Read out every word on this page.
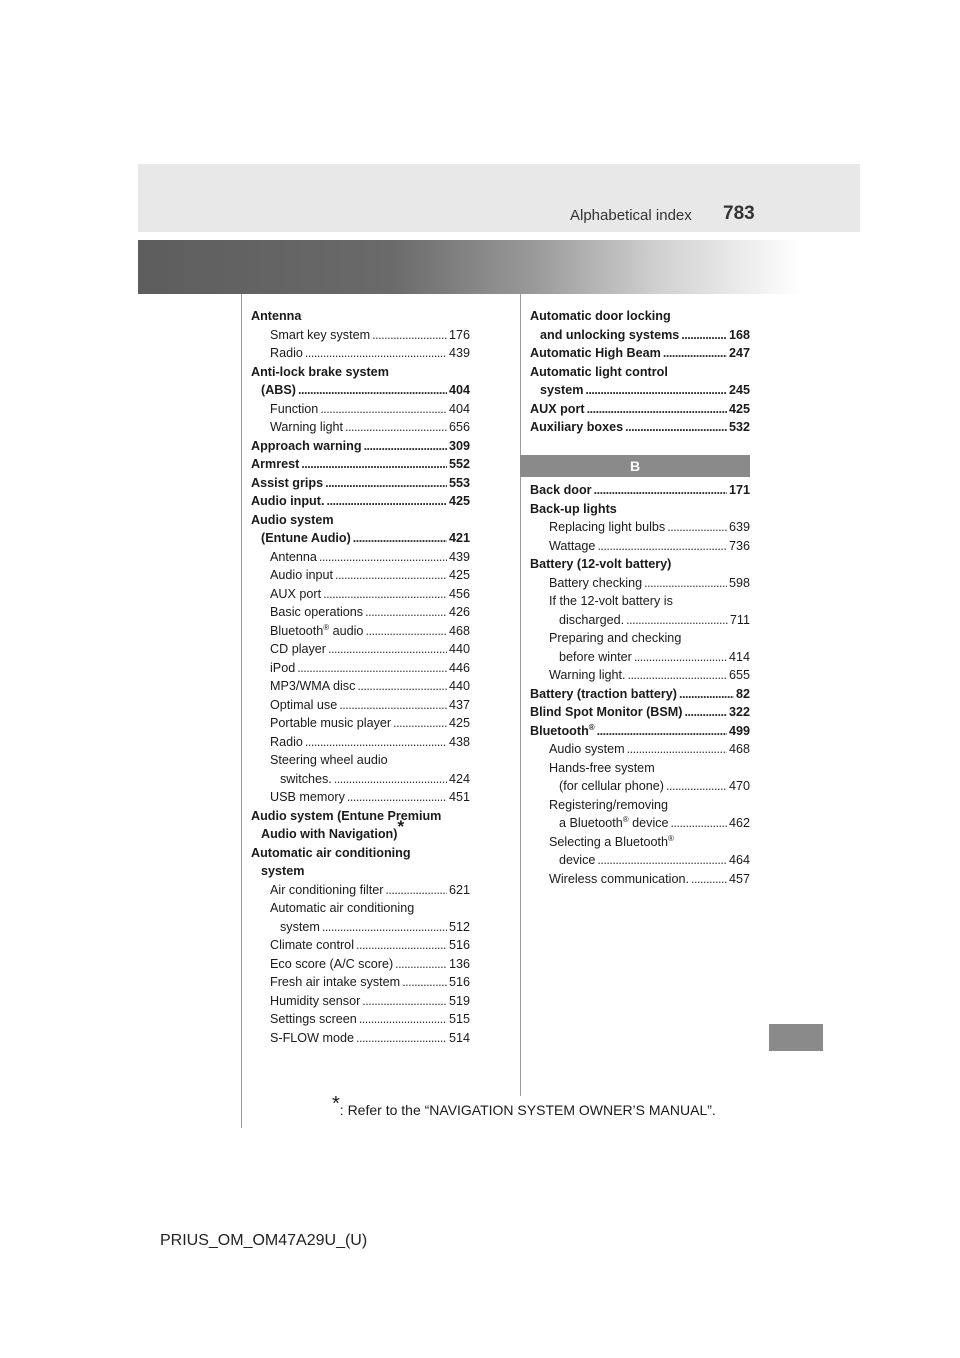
Alphabetical index 783
Antenna
Smart key system . . .	176
Radio . . .	439
Anti-lock brake system
(ABS) . . .	404
Function . . .	404
Warning light . . .	656
Approach warning . . .	309
Armrest . . .	552
Assist grips . . .	553
Audio input. . . .	425
Audio system
(Entune Audio) . . .	421
Antenna . . .	439
Audio input . . .	425
AUX port . . .	456
Basic operations . . .	426
Bluetooth® audio . . .	468
CD player . . .	440
iPod . . .	446
MP3/WMA disc . . .	440
Optimal use . . .	437
Portable music player . . .	425
Radio . . .	438
Steering wheel audio
switches. . . .	424
USB memory . . .	451
Audio system (Entune Premium
Audio with Navigation)*
Automatic air conditioning
system
Air conditioning filter . . .	621
Automatic air conditioning
system . . .	512
Climate control . . .	516
Eco score (A/C score) . . .	136
Fresh air intake system . . .	516
Humidity sensor . . .	519
Settings screen . . .	515
S-FLOW mode . . .	514
Automatic door locking
and unlocking systems . . .	168
Automatic High Beam . . .	247
Automatic light control
system . . .	245
AUX port . . .	425
Auxiliary boxes . . .	532
B
Back door . . .	171
Back-up lights
Replacing light bulbs . . .	639
Wattage . . .	736
Battery (12-volt battery)
Battery checking . . .	598
If the 12-volt battery is
discharged. . . .	711
Preparing and checking
before winter . . .	414
Warning light. . . .	655
Battery (traction battery) . . .	82
Blind Spot Monitor (BSM) . . .	322
Bluetooth® . . .	499
Audio system . . .	468
Hands-free system
(for cellular phone) . . .	470
Registering/removing
a Bluetooth® device . . .	462
Selecting a Bluetooth®
device . . .	464
Wireless communication. . . .	457
*: Refer to the “NAVIGATION SYSTEM OWNER’S MANUAL”.
PRIUS_OM_OM47A29U_(U)
